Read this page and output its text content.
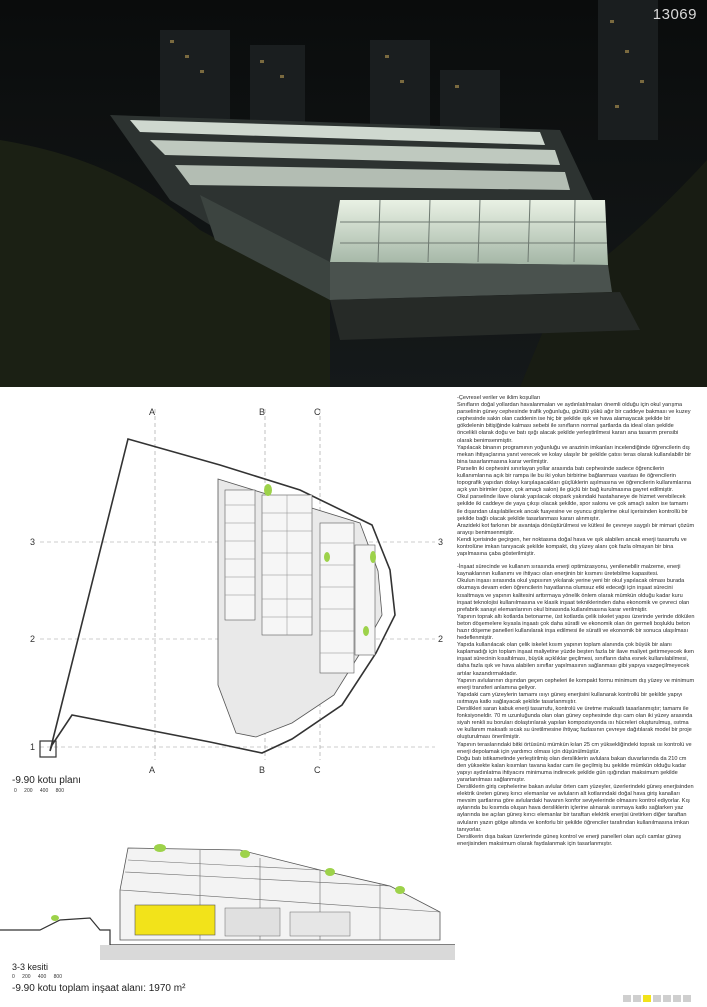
13069
A	B	C
A	B	C
3
2
1
3
2
-9.90 kotu planı
0 200 400 800
3-3 kesiti
0 200 400 800
-9.90 kotu toplam inşaat alanı: 1970 m²

-Çevresel veriler ve iklim koşulları
Sınıfların doğal yollardan havalanmaları ve aydınlatılmaları önemli olduğu için okul yarışma parselinin güney cephesinde trafik yoğunluğu, gürültü yükü ağır bir caddeye bakması ve kuzey cephesinde sakin olan caddenin ise hiç bir şekilde ışık ve hava alamayacak şekilde bir gökdelenin bitişiğinde kalması sebebi ile sınıfların normal şartlarda da ideal olan şekilde öncelikli olarak doğu ve batı ışığı alacak şekilde yerleştirilmesi kararı ana tasarım prensibi olarak benimsenmiştir.
Yapılacak binanın programının yoğunluğu ve arazinin imkanları incelendiğinde öğrencilerin dış mekan ihtiyaçlarına yanıt verecek ve kolay ulaşılır bir şekilde çatısı teras olarak kullanılabilir bir bina tasarlanmasına karar verilmiştir.
Parselin iki cephesini sınırlayan yollar arasında batı cephesinde sadece öğrencilerin kullanımlarına açık bir rampa ile bu iki yolun birbirine bağlanması vasıtası ile öğrencilerin topografik yapıdan dolayı karşılaşacakları güçlüklerin aşılmasına ve öğrencilerin kullanımlarına açık yan birimler (spor, çok amaçlı salon) ile güçlü bir bağ kurulmasına gayret edilmiştir.
Okul parselinde ilave olarak yapılacak otopark yakındaki hastahaneye de hizmet verebilecek şekilde iki caddeye de yaya çıkışı olacak şekilde, spor salonu ve çok amaçlı salon ise tamamı ile dışarıdan ulaşılabilecek ancak fuayesine ve oyuncu girişlerine okul içerisinden kontrollü bir şekilde bağlı olacak şekilde tasarlanması kararı alınmıştır.
Arazideki kot farkının bir avantaja dönüştürülmesi ve kütlesi ile çevreye saygılı bir mimari çözüm arayışı benimsenmiştir.
Kendi içerisinde geçirgen, her noktasına doğal hava ve ışık alabilen ancak enerji tasarrufu ve kontrolüne imkan tanıyacak şekilde kompakt, dış yüzey alanı çok fazla olmayan bir bina yapılmasına çaba gösterilmiştir.

-İnşaat sürecinde ve kullanım sırasında enerji optimizasyonu, yenilenebilir malzeme, enerji kaynaklarının kullanımı ve ihtiyacı olan enerjinin bir kısmını üretebilme kapasitesi.
Okulun inşası sırasında okul yapısının yıkılarak yerine yeni bir okul yapılacak olması burada okumaya devam eden öğrencilerin hayatlarına olumsuz etki edeceği için inşaat sürecini kısaltmaya ve yapının kalitesini arttırmaya yönelik önlem olarak mümkün olduğu kadar kuru inşaat teknolojisi kullanılmasına ve klasik inşaat tekniklerinden daha ekonomik ve çevreci olan prefabrik sanayi elemanlarının okul binasında kullanılmasına karar verilmiştir.
Yapının toprak altı kotlarda betonarme, üst kotlarda çelik iskelet yapısı üzerinde yerinde dökülen beton döşemelere kıyasla inşaatı çok daha süratli ve ekonomik olan ön germeli boşluklu beton hazır döşeme panelleri kullanılarak inşa edilmesi ile süratli ve ekonomik bir sonuca ulaşılması hedeflenmiştir.
Yapıda kullanılacak olan çelik iskelet kısım yapının toplam alanında çok büyük bir alanı kaplamadığı için toplam inşaat maliyetine yüzde beşten fazla bir ilave maliyet getirmeyecek iken inşaat sürecinin kısaltılması, büyük açıklıklar geçilmesi, sınıfların daha esnek kullanılabilmesi, daha fazla ışık ve hava alabilen sınıflar yapılmasının sağlanması gibi yapıya vazgeçilmeyecek artılar kazandırmaktadır.
Yapının avlularının dışından geçen cepheleri ile kompakt formu minimum dış yüzey ve minimum enerji transferi anlamına geliyor.
Yapıdaki cam yüzeylerin tamamı ısıyı güneş enerjisini kullanarak kontrollü bir şekilde yapıyı ısıtmaya katkı sağlayacak şekilde tasarlanmıştır.
Derslikleri saran kabuk enerji tasarrufu, kontrolü ve üretme maksatlı tasarlanmıştır; tamamı ile fonksiyoneldir. 70 m uzunluğunda olan olan güney cephesinde dışı cam olan iki yüzey arasında siyah renkli su boruları dolaştırılarak yapılan kompozisyonda ısı hücreleri oluşturulmuş, ısıtma ve kullanım maksatlı sıcak su üretilmesine ihtiyaç fazlasının çevreye dağıtılarak model bir proje oluşturulması önerilmiştir.
Yapının teraslarındaki bitki örtüsünü mümkün kılan 25 cm yüksekliğindeki toprak ısı kontrolü ve enerji depolamak için yardımcı olması için düşünülmüştür.
Doğu batı istikametinde yerleştirilmiş olan dersliklerin avlulara bakan duvarlarında da 210 cm den yüksekte kalan kısımları tavana kadar cam ile geçilmiş bu şekilde mümkün olduğu kadar yapıyı aydınlatma ihtiyacını minimuma indirecek şekilde gün ışığından maksimum şekilde yararlanılması sağlanmıştır.
Dersliklerin giriş cephelerine bakan avlular örten cam yüzeyler, üzerlerindeki güneş enerjisinden elektrik üreten güneş kırıcı elemanlar ve avluların alt kotlarındaki doğal hava giriş kanalları mevsim şartlarına göre avlulardaki havanın konfor seviyelerinde olmasını kontrol ediyorlar. Kış aylarında bu kısımda oluşan hava dersliklerin içlerine alınarak ısınmaya katkı sağlarken yaz aylarında ise açılan güneş kırıcı elemanlar bir taraftan elektrik enerjisi üretirken diğer taraftan avluların yazın gölge altında ve konforlu bir şekilde öğrenciler tarafından kullanılmasına imkan tanıyorlar.
Derslikerin dışa bakan üzerlerinde güneş kontrol ve enerji panelleri olan açılı camlar güneş enerjisinden maksimum olarak faydalanmak için tasarlanmıştır.
